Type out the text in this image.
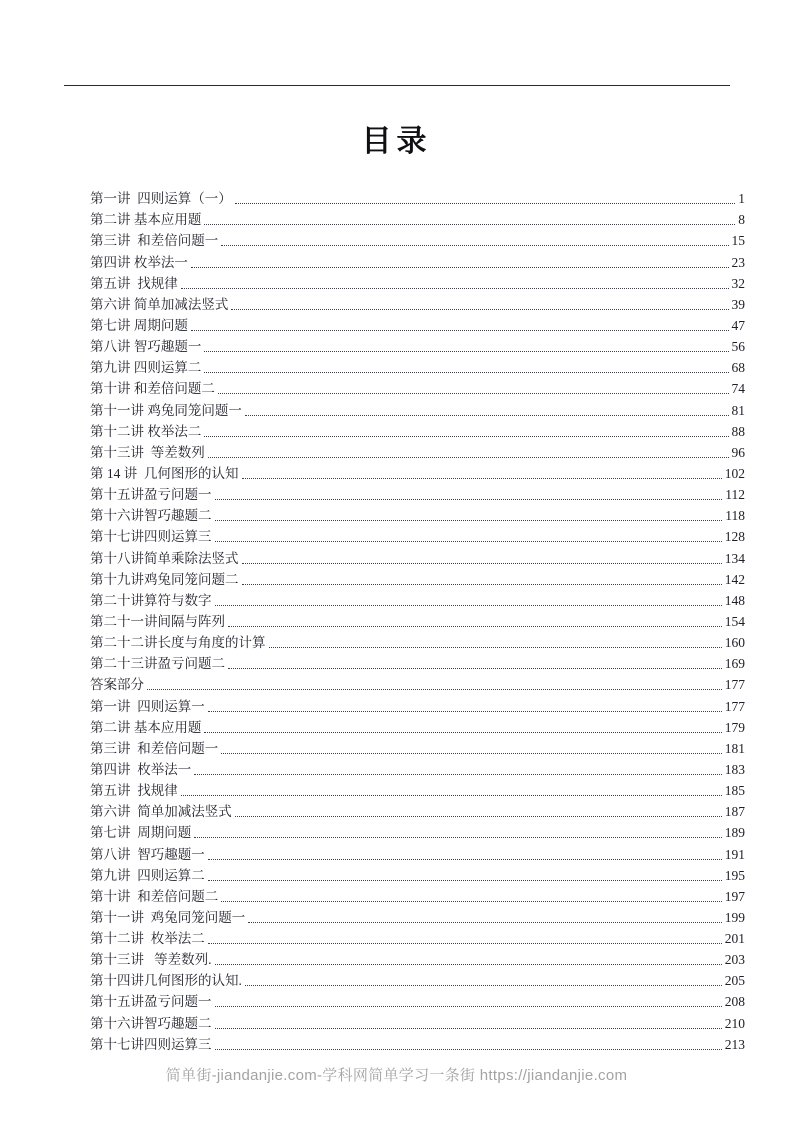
目录
第一讲  四则运算（一）	1
第二讲 基本应用题	8
第三讲  和差倍问题一	15
第四讲 枚举法一	23
第五讲  找规律	32
第六讲 简单加减法竖式	39
第七讲 周期问题	47
第八讲 智巧趣题一	56
第九讲 四则运算二	68
第十讲 和差倍问题二	74
第十一讲 鸡兔同笼问题一	81
第十二讲 枚举法二	88
第十三讲  等差数列	96
第 14 讲  几何图形的认知	102
第十五讲盈亏问题一	112
第十六讲智巧趣题二	118
第十七讲四则运算三	128
第十八讲简单乘除法竖式	134
第十九讲鸡兔同笼问题二	142
第二十讲算符与数字	148
第二十一讲间隔与阵列	154
第二十二讲长度与角度的计算	160
第二十三讲盈亏问题二	169
答案部分	177
第一讲  四则运算一	177
第二讲 基本应用题	179
第三讲  和差倍问题一	181
第四讲  枚举法一	183
第五讲  找规律	185
第六讲  简单加减法竖式	187
第七讲  周期问题	189
第八讲  智巧趣题一	191
第九讲  四则运算二	195
第十讲  和差倍问题二	197
第十一讲  鸡兔同笼问题一	199
第十二讲  枚举法二	201
第十三讲   等差数列.	203
第十四讲几何图形的认知.	205
第十五讲盈亏问题一	208
第十六讲智巧趣题二	210
第十七讲四则运算三	213
简单街-jiandanjie.com-学科网简单学习一条街 https://jiandanjie.com
